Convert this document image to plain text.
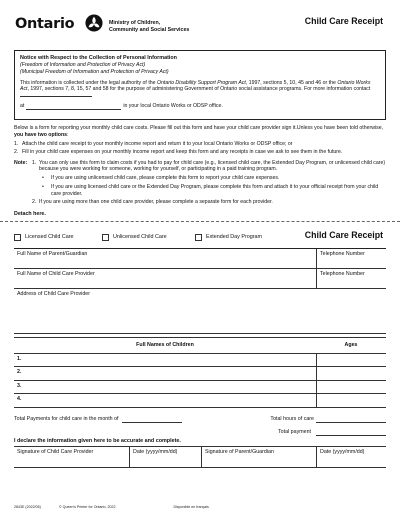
Ontario	Ministry of Children,
Community and Social Services
Child Care Receipt
Notice with Respect to the Collection of Personal Information
(Freedom of Information and Protection of Privacy Act)
(Municipal Freedom of Information and Protection of Privacy Act)

This information is collected under the legal authority of the Ontario Disability Support Program Act, 1997, sections 5, 10, 45 and 46 or the Ontario Works Act, 1997, sections 7, 8, 15, 57 and 58 for the purpose of administering Government of Ontario social assistance programs. For more information contact

at	in your local Ontario Works or ODSP office.
Below is a form for reporting your monthly child care costs. Please fill out this form and have your child care provider sign it.Unless you have been told otherwise, you have two options:
1. Attach the child care receipt to your monthly income report and return it to your local Ontario Works or ODSP office; or
2. Fill in your child care expenses on your monthly income report and keep this form and any receipts in case we ask to see them in the future.
Note: 1. You can only use this form to claim costs if you had to pay for child care (e.g., licensed child care, the Extended Day Program, or unlicensed child care) because you were working for someone, working for yourself, or participating in a paid training program.
•	If you are using unlicensed child care, please complete this form to report your child care expenses.
•	If you are using licensed child care or the Extended Day Program, please complete this form and attach it to your official receipt from your child care provider.
2. If you are using more than one child care provider, please complete a separate form for each provider.
Detach here.
Licensed Child Care	Unlicensed Child Care	Extended Day Program	Child Care Receipt
Full Name of Parent/Guardian	Telephone Number
Full Name of Child Care Provider	Telephone Number
Address of Child Care Provider
Full Names of Children	Ages
1.
2.
3.
4.
Total Payments for child care in the month of	Total hours of care
Total payment
I declare the information given here to be accurate and complete.
Signature of Child Care Provider	Date (yyyy/mm/dd)	Signature of Parent/Guardian	Date (yyyy/mm/dd)
2843E (2022/05)	© Queen's Printer for Ontario, 2022	Disponible en français
